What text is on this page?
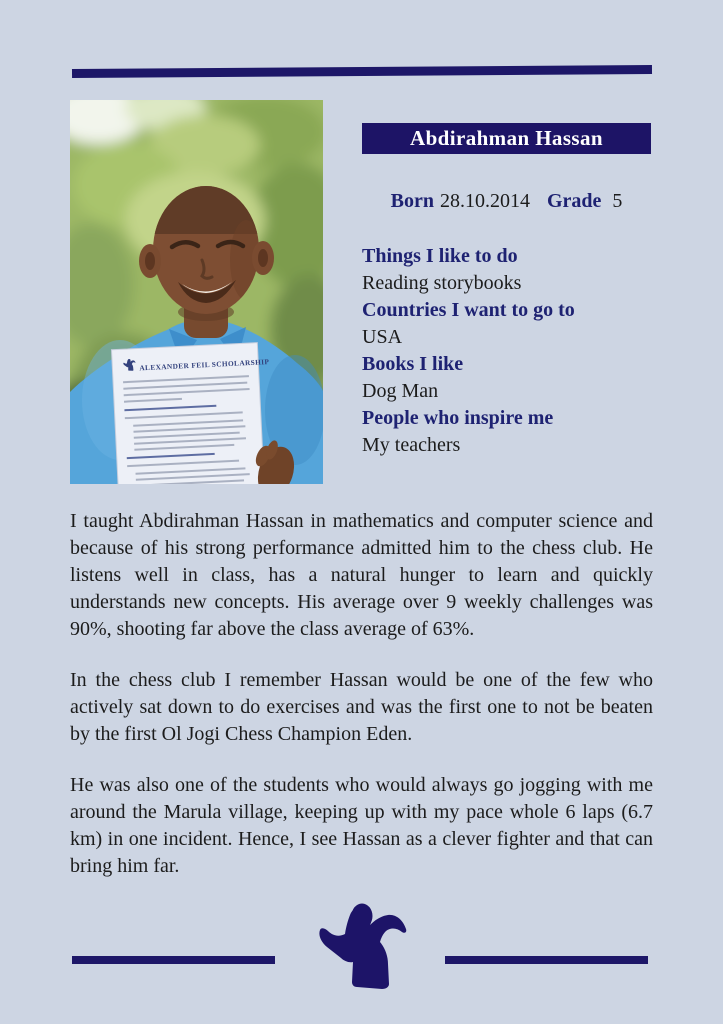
ALEXANDER FEIL SCHOLARSHIP
Abdirahman Hassan
Born 28.10.2014 Grade 5
Things I like to do
Reading storybooks
Countries I want to go to
USA
Books I like
Dog Man
People who inspire me
My teachers

I taught Abdirahman Hassan in mathematics and computer science and because of his strong performance admitted him to the chess club. He listens well in class, has a natural hunger to learn and quickly understands new concepts. His average over 9 weekly challenges was 90%, shooting far above the class average of 63%.

In the chess club I remember Hassan would be one of the few who actively sat down to do exercises and was the first one to not be beaten by the first Ol Jogi Chess Champion Eden.

He was also one of the students who would always go jogging with me around the Marula village, keeping up with my pace whole 6 laps (6.7 km) in one incident. Hence, I see Hassan as a clever fighter and that can bring him far.
